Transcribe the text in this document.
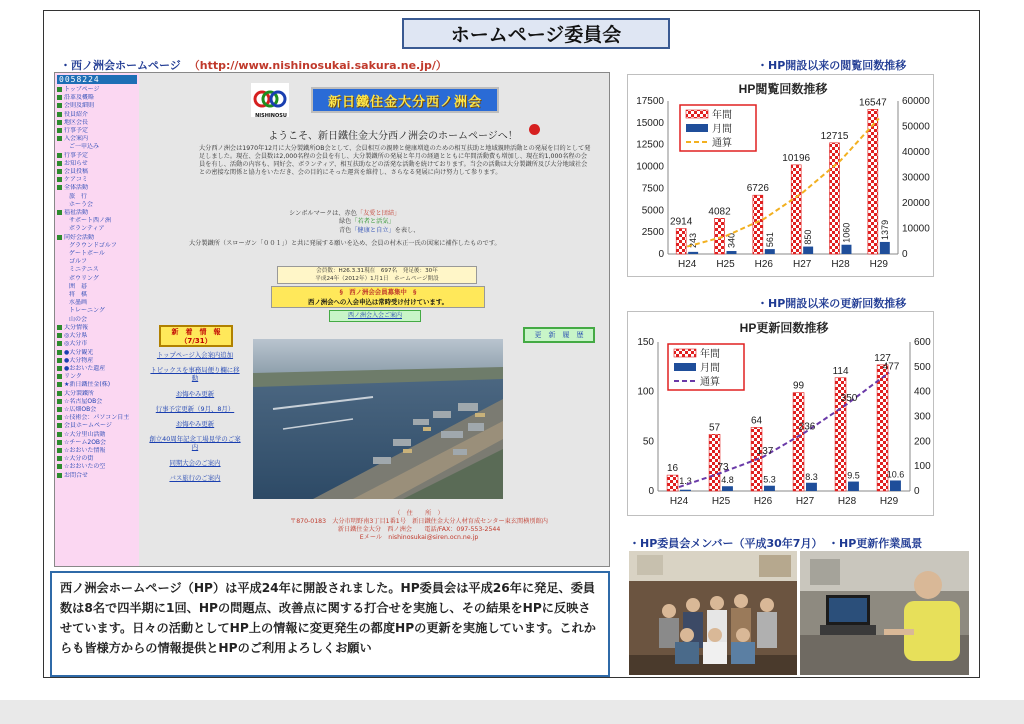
ホームページ委員会
・西ノ洲会ホームページ （http://www.nishinosukai.sakura.ne.jp/）
0058224
トップページ
沿革及概略
会則及細則
役員紹介
地区会長
行事予定
入会案内
ご一申込み
行事予定
お知らせ
会員投稿
ケアコミ
全体活動
旅　行
ホーう会
福祉活動
サポート西ノ洲
ボランティア
同好会活動
グラウンドゴルフ
ゲートボール
ゴルフ
ミニテニス
ボウリング
囲　碁
将　棋
水墨画
トレーニング
山の会
大分情報
◎大分県
◎大分市
●大分観光
●大分物産
●おおいた遺産
リンク
★新日鐵住金(株)
大分製鐵所
☆名古屋OB会
☆広畑OB会
☆技術会：パソコン自主
会員ホームページ
☆大分里山活動
☆チーム2OB会
☆おおいた情報
☆大分の街
☆おおいたの空
お問合せ
NISHINOSU
新日鐵住金大分西ノ洲会
ようこそ、新日鐵住金大分西ノ洲会のホームページへ！
大分西ノ洲会は1970年12月に大分製鐵所OB会として、会員相互の親睦と健康増進のための相互扶助と地域親睦活動との発展を目的として発足しました。現在、会員数は2,000名程の会員を有し、大分製鐵所の発展と年月の経過とともに年間活動費も増加し、現在約1,000名程の会員を有し、活動の内容も、同好会、ボランティア、相互扶助などの活発な活動を続けております。当会の活動は大分製鐵所及び大分地域社会との密接な関係と協力をいただき、会の目的にそった運営を維持し、さらなる発展に向け努力して参ります。
シンボルマークは、赤色「友愛と団結」
緑色「若者と活気」
青色「健康と自立」を表し、
大分製鐵所（スローガン「００１」）と共に発展する願いを込め、会員の村木正一氏の図案に補作したものです。
会員数：H26.3.31現在　697名　発足後：30年
平成24年（2012年）1月1日　ホームページ開設
§　西ノ洲会会員募集中　§
西ノ洲会への入会申込は常時受け付けています。
西ノ洲会入会ご案内
新　着　情　報
（7/31）
更　新　履　歴
トップページ入会案内追加
トピックスを事務局便り欄に移動
お悔やみ更新
行事予定更新（9月、8月）
お悔やみ更新
創立40周年記念工場見学のご案内
同期大会のご案内
バス旅行のご案内
（　住　　所　）
〒870-0183　大分市明野南3丁目1番1号　新日鐵住金大分人材育成センター東玄関横別館内
新日鐵住金大分　西ノ洲会　　電話/FAX：097-553-2544
Eメール　nishinosukai@siren.ocn.ne.jp
・HP開設以来の閲覧回数推移
HP閲覧回数推移
0
2500
5000
7500
10000
12500
15000
17500
0
10000
20000
30000
40000
50000
60000
H24 H25 H26 H27 H28 H29
2914
243
4082
340
6726
561
10196
850
12715
1060
16547
1379
年間
月間
通算
・HP開設以来の更新回数推移
HP更新回数推移
0
50
100
150
0
100
200
300
400
500
600
H24 H25 H26 H27 H28 H29
16
1.3
57
4.8
64
5.3
99
8.3
114
9.5
127
10.6
73
137
236
350
477
年間
月間
通算
・HP委員会メンバー（平成30年7月） ・HP更新作業風景
西ノ洲会ホームページ（HP）は平成24年に開設されました。HP委員会は平成26年に発足、委員数は8名で四半期に1回、HPの問題点、改善点に関する打合せを実施し、その結果をHPに反映させています。日々の活動としてHP上の情報に変更発生の都度HPの更新を実施しています。これからも皆様方からの情報提供とHPのご利用よろしくお願い
